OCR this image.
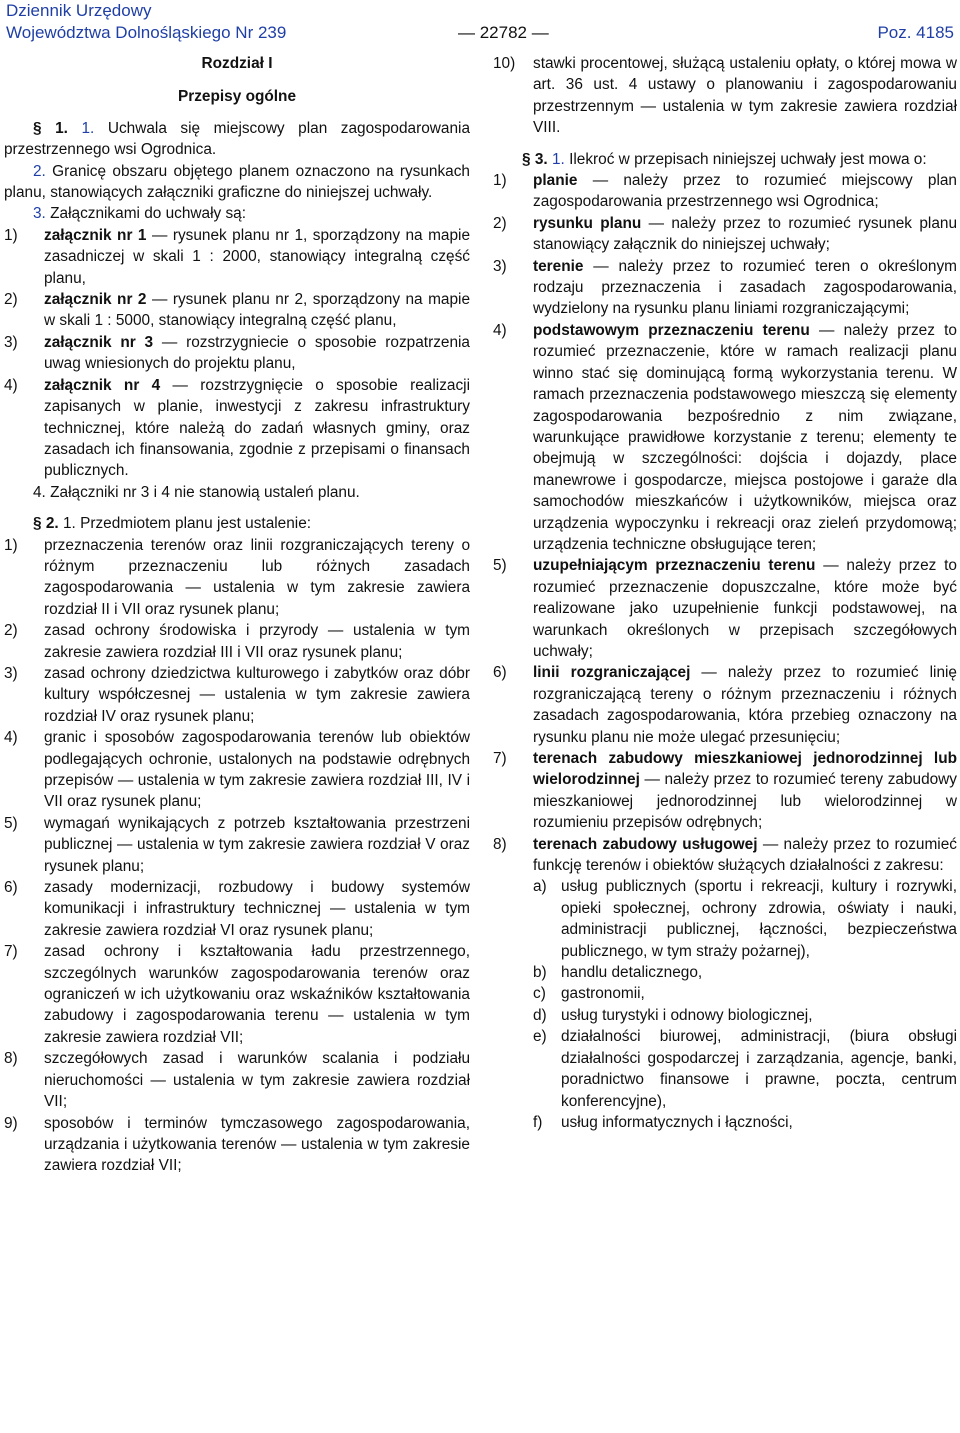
Dziennik Urzędowy
Województwa Dolnośląskiego Nr 239	— 22782 —	Poz. 4185

Rozdział I

Przepisy ogólne

§ 1. 1. Uchwala się miejscowy plan zagospodarowania przestrzennego wsi Ogrodnica.

2. Granicę obszaru objętego planem oznaczono na rysunkach planu, stanowiących załączniki graficzne do niniejszej uchwały.

3. Załącznikami do uchwały są:

1) załącznik nr 1 — rysunek planu nr 1, sporządzony na mapie zasadniczej w skali 1 : 2000, stanowiący integralną część planu,
2) załącznik nr 2 — rysunek planu nr 2, sporządzony na mapie w skali 1 : 5000, stanowiący integralną część planu,
3) załącznik nr 3 — rozstrzygniecie o sposobie rozpatrzenia uwag wniesionych do projektu planu,
4) załącznik nr 4 — rozstrzygnięcie o sposobie realizacji zapisanych w planie, inwestycji z zakresu infrastruktury technicznej, które należą do zadań własnych gminy, oraz zasadach ich finansowania, zgodnie z przepisami o finansach publicznych.

4. Załączniki nr 3 i 4 nie stanowią ustaleń planu.

§ 2. 1. Przedmiotem planu jest ustalenie:

1) przeznaczenia terenów oraz linii rozgraniczających tereny o różnym przeznaczeniu lub różnych zasadach zagospodarowania — ustalenia w tym zakresie zawiera rozdział II i VII oraz rysunek planu;
2) zasad ochrony środowiska i przyrody — ustalenia w tym zakresie zawiera rozdział III i VII oraz rysunek planu;
3) zasad ochrony dziedzictwa kulturowego i zabytków oraz dóbr kultury współczesnej — ustalenia w tym zakresie zawiera rozdział IV oraz rysunek planu;
4) granic i sposobów zagospodarowania terenów lub obiektów podlegających ochronie, ustalonych na podstawie odrębnych przepisów — ustalenia w tym zakresie zawiera rozdział III, IV i VII oraz rysunek planu;
5) wymagań wynikających z potrzeb kształtowania przestrzeni publicznej — ustalenia w tym zakresie zawiera rozdział V oraz rysunek planu;
6) zasady modernizacji, rozbudowy i budowy systemów komunikacji i infrastruktury technicznej — ustalenia w tym zakresie zawiera rozdział VI oraz rysunek planu;
7) zasad ochrony i kształtowania ładu przestrzennego, szczególnych warunków zagospodarowania terenów oraz ograniczeń w ich użytkowaniu oraz wskaźników kształtowania zabudowy i zagospodarowania terenu — ustalenia w tym zakresie zawiera rozdział VII;
8) szczegółowych zasad i warunków scalania i podziału nieruchomości — ustalenia w tym zakresie zawiera rozdział VII;
9) sposobów i terminów tymczasowego zagospodarowania, urządzania i użytkowania terenów — ustalenia w tym zakresie zawiera rozdział VII;
10) stawki procentowej, służącą ustaleniu opłaty, o której mowa w art. 36 ust. 4 ustawy o planowaniu i zagospodarowaniu przestrzennym — ustalenia w tym zakresie zawiera rozdział VIII.

§ 3. 1. Ilekroć w przepisach niniejszej uchwały jest mowa o:

1) planie — należy przez to rozumieć miejscowy plan zagospodarowania przestrzennego wsi Ogrodnica;
2) rysunku planu — należy przez to rozumieć rysunek planu stanowiący załącznik do niniejszej uchwały;
3) terenie — należy przez to rozumieć teren o określonym rodzaju przeznaczenia i zasadach zagospodarowania, wydzielony na rysunku planu liniami rozgraniczającymi;
4) podstawowym przeznaczeniu terenu — należy przez to rozumieć przeznaczenie, które w ramach realizacji planu winno stać się dominującą formą wykorzystania terenu. W ramach przeznaczenia podstawowego mieszczą się elementy zagospodarowania bezpośrednio z nim związane, warunkujące prawidłowe korzystanie z terenu; elementy te obejmują w szczególności: dojścia i dojazdy, place manewrowe i gospodarcze, miejsca postojowe i garaże dla samochodów mieszkańców i użytkowników, miejsca oraz urządzenia wypoczynku i rekreacji oraz zieleń przydomową; urządzenia techniczne obsługujące teren;
5) uzupełniającym przeznaczeniu terenu — należy przez to rozumieć przeznaczenie dopuszczalne, które może być realizowane jako uzupełnienie funkcji podstawowej, na warunkach określonych w przepisach szczegółowych uchwały;
6) linii rozgraniczającej — należy przez to rozumieć linię rozgraniczającą tereny o różnym przeznaczeniu i różnych zasadach zagospodarowania, która przebieg oznaczony na rysunku planu nie może ulegać przesunięciu;
7) terenach zabudowy mieszkaniowej jednorodzinnej lub wielorodzinnej — należy przez to rozumieć tereny zabudowy mieszkaniowej jednorodzinnej lub wielorodzinnej w rozumieniu przepisów odrębnych;
8) terenach zabudowy usługowej — należy przez to rozumieć funkcję terenów i obiektów służących działalności z zakresu:
a) usług publicznych (sportu i rekreacji, kultury i rozrywki, opieki społecznej, ochrony zdrowia, oświaty i nauki, administracji publicznej, łączności, bezpieczeństwa publicznego, w tym straży pożarnej),
b) handlu detalicznego,
c) gastronomii,
d) usług turystyki i odnowy biologicznej,
e) działalności biurowej, administracji, (biura obsługi działalności gospodarczej i zarządzania, agencje, banki, poradnictwo finansowe i prawne, poczta, centrum konferencyjne),
f) usług informatycznych i łączności,
